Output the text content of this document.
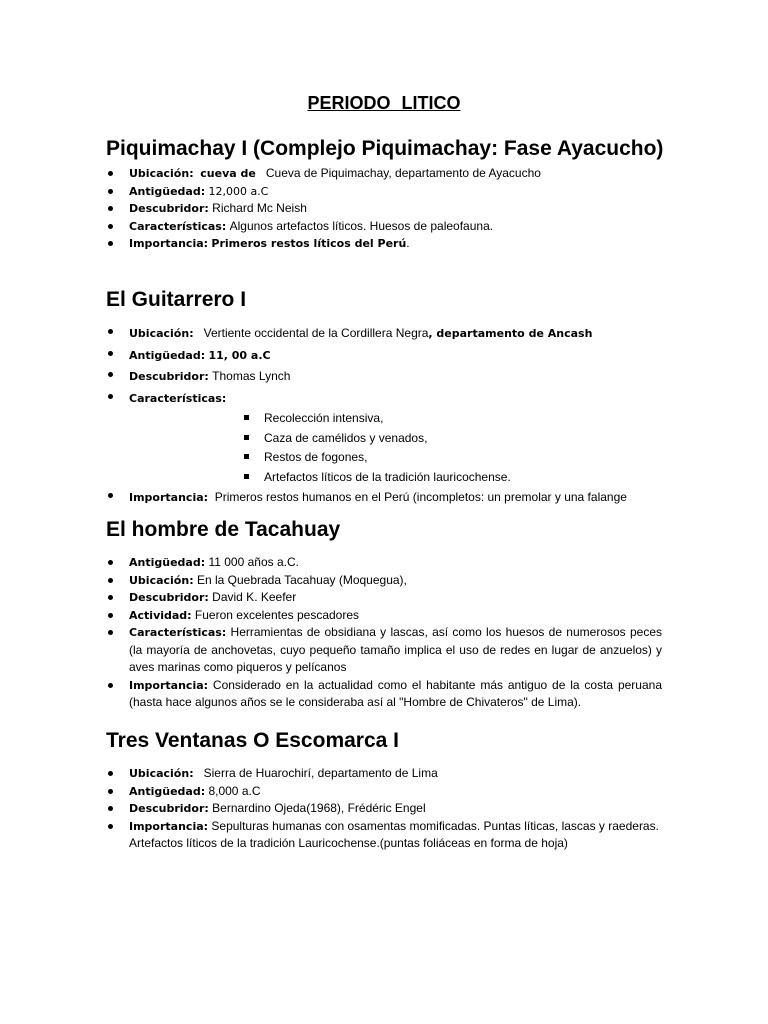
PERIODO LITICO
Piquimachay I (Complejo Piquimachay: Fase Ayacucho)
Ubicación: cueva de Cueva de Piquimachay, departamento de Ayacucho
Antigüedad: 12,000 a.C
Descubridor: Richard Mc Neish
Características: Algunos artefactos líticos. Huesos de paleofauna.
Importancia: Primeros restos líticos del Perú.
El Guitarrero I
Ubicación: Vertiente occidental de la Cordillera Negra, departamento de Ancash
Antigüedad: 11, 00 a.C
Descubridor: Thomas Lynch
Características:
Recolección intensiva,
Caza de camélidos y venados,
Restos de fogones,
Artefactos líticos de la tradición lauricochense.
Importancia: Primeros restos humanos en el Perú (incompletos: un premolar y una falange
El hombre de Tacahuay
Antigüedad: 11 000 años a.C.
Ubicación: En la Quebrada Tacahuay (Moquegua),
Descubridor: David K. Keefer
Actividad: Fueron excelentes pescadores
Características: Herramientas de obsidiana y lascas, así como los huesos de numerosos peces (la mayoría de anchovetas, cuyo pequeño tamaño implica el uso de redes en lugar de anzuelos) y aves marinas como piqueros y pelícanos
Importancia: Considerado en la actualidad como el habitante más antiguo de la costa peruana (hasta hace algunos años se le consideraba así al "Hombre de Chivateros" de Lima).
Tres Ventanas O Escomarca I
Ubicación: Sierra de Huarochirí, departamento de Lima
Antigüedad: 8,000 a.C
Descubridor: Bernardino Ojeda(1968), Frédéric Engel
Importancia: Sepulturas humanas con osamentas momificadas. Puntas líticas, lascas y raederas. Artefactos líticos de la tradición Lauricochense.(puntas foliáceas en forma de hoja)
